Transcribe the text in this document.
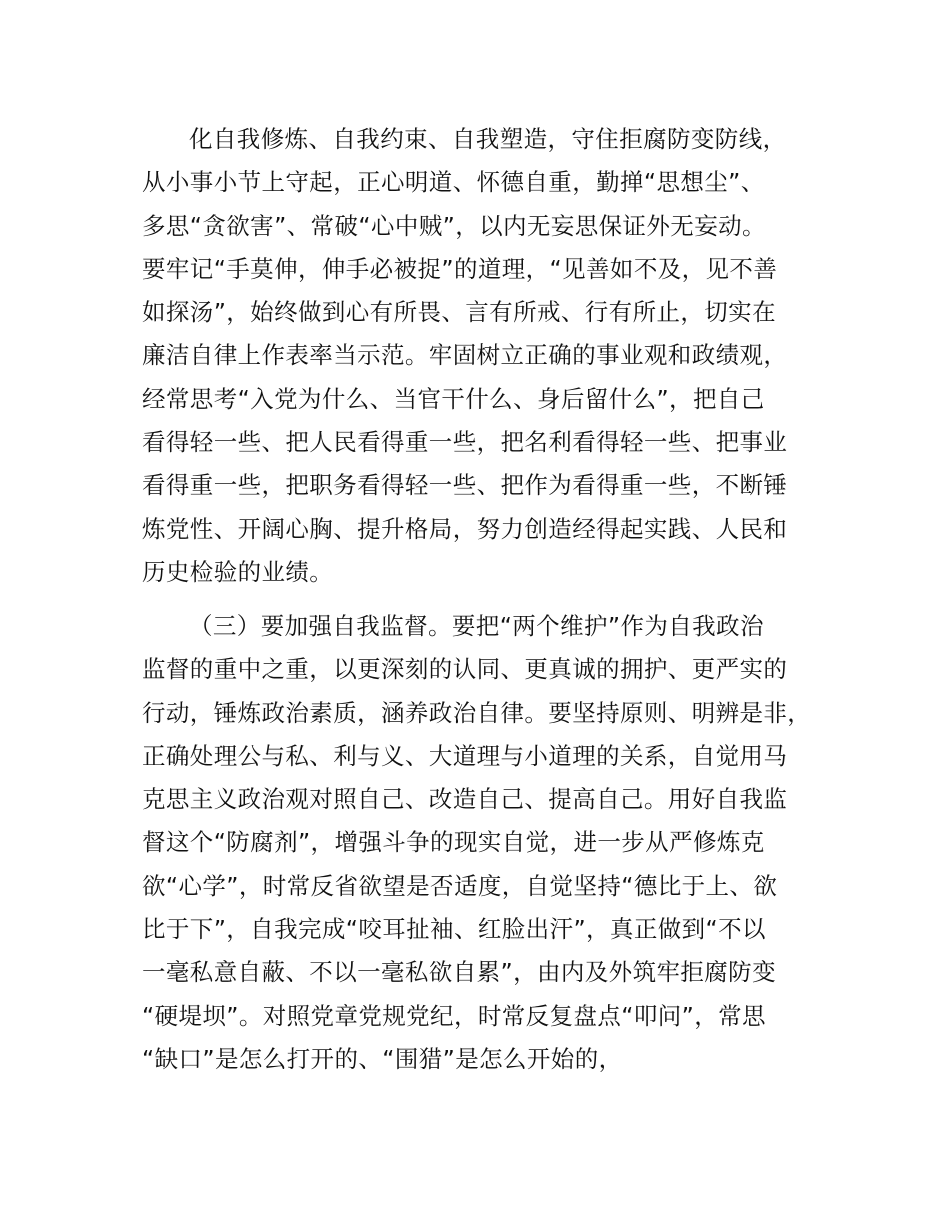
化自我修炼、自我约束、自我塑造，守住拒腐防变防线，
从小事小节上守起，正心明道、怀德自重，勤掸“思想尘”、
多思“贪欲害”、常破“心中贼”，以内无妄思保证外无妄动。
要牢记“手莫伸，伸手必被捉”的道理，“见善如不及，见不善
如探汤”，始终做到心有所畏、言有所戒、行有所止，切实在
廉洁自律上作表率当示范。牢固树立正确的事业观和政绩观，
经常思考“入党为什么、当官干什么、身后留什么”，把自己
看得轻一些、把人民看得重一些，把名利看得轻一些、把事业
看得重一些，把职务看得轻一些、把作为看得重一些，不断锤
炼党性、开阔心胸、提升格局，努力创造经得起实践、人民和
历史检验的业绩。
（三）要加强自我监督。要把“两个维护”作为自我政治
监督的重中之重，以更深刻的认同、更真诚的拥护、更严实的
行动，锤炼政治素质，涵养政治自律。要坚持原则、明辨是非，
正确处理公与私、利与义、大道理与小道理的关系，自觉用马
克思主义政治观对照自己、改造自己、提高自己。用好自我监
督这个“防腐剂”，增强斗争的现实自觉，进一步从严修炼克
欲“心学”，时常反省欲望是否适度，自觉坚持“德比于上、欲
比于下”，自我完成“咬耳扯袖、红脸出汗”，真正做到“不以
一毫私意自蔽、不以一毫私欲自累”，由内及外筑牢拒腐防变
“硬堤坝”。对照党章党规党纪，时常反复盘点“叩问”，常思
“缺口”是怎么打开的、“围猎”是怎么开始的，
